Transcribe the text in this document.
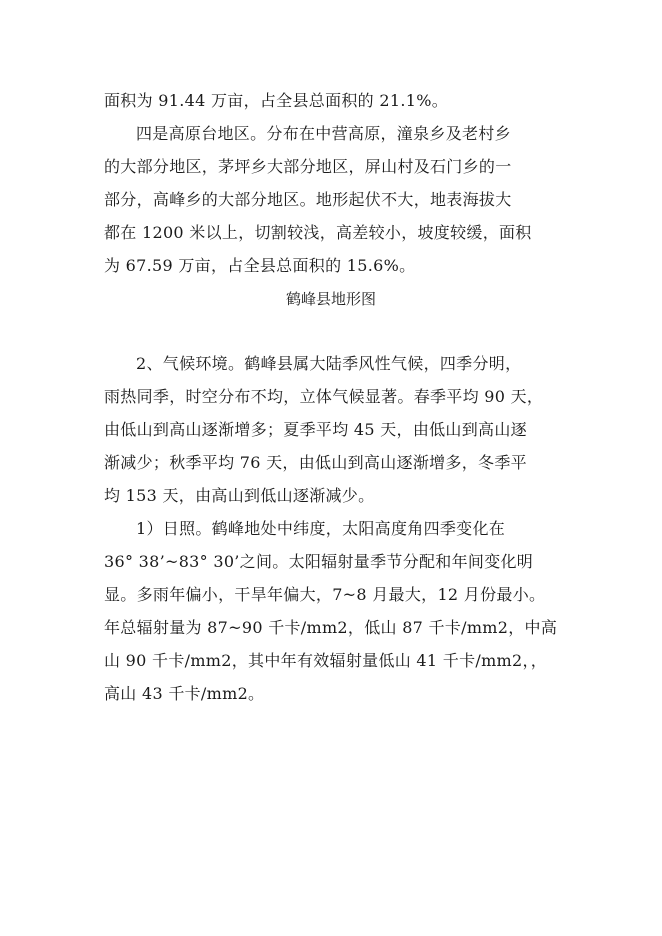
面积为 91.44 万亩，占全县总面积的 21.1%。
四是高原台地区。分布在中营高原，潼泉乡及老村乡
的大部分地区，茅坪乡大部分地区，屏山村及石门乡的一
部分，高峰乡的大部分地区。地形起伏不大，地表海拔大
都在 1200 米以上，切割较浅，高差较小，坡度较缓，面积
为 67.59 万亩，占全县总面积的 15.6%。
鹤峰县地形图
2、气候环境。鹤峰县属大陆季风性气候，四季分明，
雨热同季，时空分布不均，立体气候显著。春季平均 90 天，
由低山到高山逐渐增多；夏季平均 45 天，由低山到高山逐
渐减少；秋季平均 76 天，由低山到高山逐渐增多，冬季平
均 153 天，由高山到低山逐渐减少。
1）日照。鹤峰地处中纬度，太阳高度角四季变化在
36° 38’~83° 30’之间。太阳辐射量季节分配和年间变化明
显。多雨年偏小，干旱年偏大，7~8 月最大，12 月份最小。
年总辐射量为 87~90 千卡/mm2，低山 87 千卡/mm2，中高
山 90 千卡/mm2，其中年有效辐射量低山 41 千卡/mm2，，
高山 43 千卡/mm2。
